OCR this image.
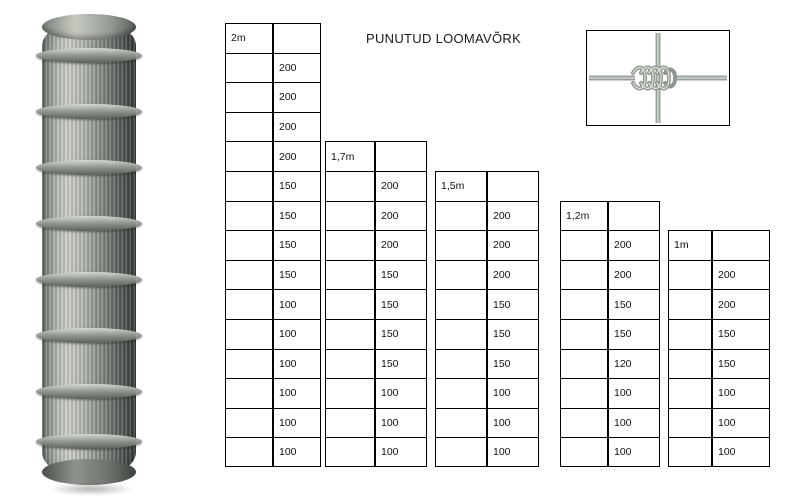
PUNUTUD LOOMAVÕRK
2m
200
200
200
200
150
150
150
150
100
100
100
100
100
100
1,7m
200
200
200
150
150
150
150
100
100
100
1,5m
200
200
200
150
150
150
100
100
100
1,2m
200
200
150
150
120
100
100
100
1m
200
200
150
150
100
100
100
